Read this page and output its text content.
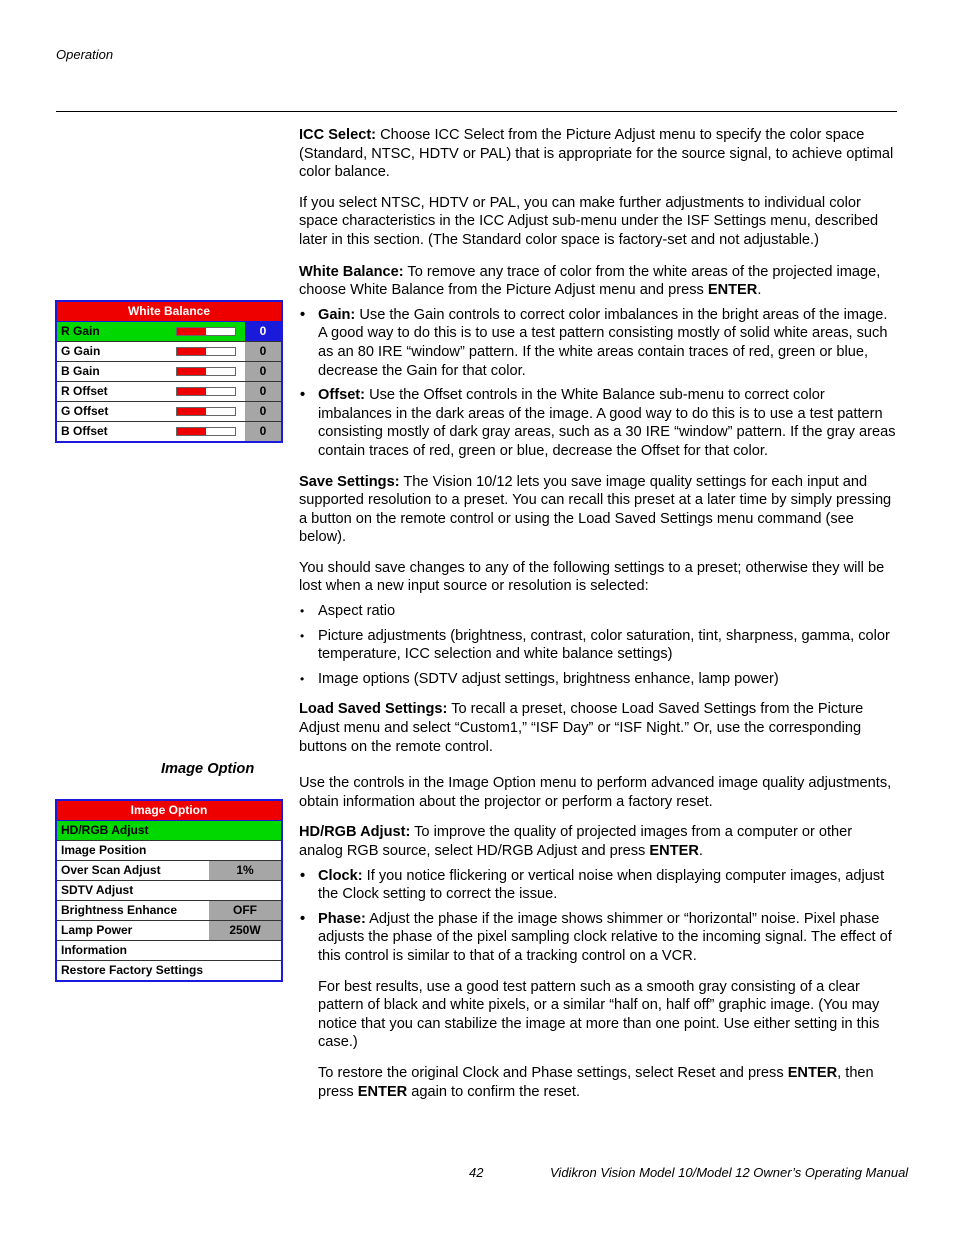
Operation
White Balance
R Gain	0
G Gain	0
B Gain	0
R Offset	0
G Offset	0
B Offset	0
Image Option
HD/RGB Adjust
Image Position
Over Scan Adjust	1%
SDTV Adjust
Brightness Enhance	OFF
Lamp Power	250W
Information
Restore Factory Settings
Image Option

ICC Select: Choose ICC Select from the Picture Adjust menu to specify the color space (Standard, NTSC, HDTV or PAL) that is appropriate for the source signal, to achieve optimal color balance.

If you select NTSC, HDTV or PAL, you can make further adjustments to individual color space characteristics in the ICC Adjust sub-menu under the ISF Settings menu, described later in this section. (The Standard color space is factory-set and not adjustable.)

White Balance: To remove any trace of color from the white areas of the projected image, choose White Balance from the Picture Adjust menu and press ENTER.

• Gain: Use the Gain controls to correct color imbalances in the bright areas of the image. A good way to do this is to use a test pattern consisting mostly of solid white areas, such as an 80 IRE “window” pattern. If the white areas contain traces of red, green or blue, decrease the Gain for that color.
• Offset: Use the Offset controls in the White Balance sub-menu to correct color imbalances in the dark areas of the image. A good way to do this is to use a test pattern consisting mostly of dark gray areas, such as a 30 IRE “window” pattern. If the gray areas contain traces of red, green or blue, decrease the Offset for that color.

Save Settings: The Vision 10/12 lets you save image quality settings for each input and supported resolution to a preset. You can recall this preset at a later time by simply pressing a button on the remote control or using the Load Saved Settings menu command (see below).

You should save changes to any of the following settings to a preset; otherwise they will be lost when a new input source or resolution is selected:

• Aspect ratio
• Picture adjustments (brightness, contrast, color saturation, tint, sharpness, gamma, color temperature, ICC selection and white balance settings)
• Image options (SDTV adjust settings, brightness enhance, lamp power)

Load Saved Settings: To recall a preset, choose Load Saved Settings from the Picture Adjust menu and select “Custom1,” “ISF Day” or “ISF Night.” Or, use the corresponding buttons on the remote control.

Use the controls in the Image Option menu to perform advanced image quality adjustments, obtain information about the projector or perform a factory reset.

HD/RGB Adjust: To improve the quality of projected images from a computer or other analog RGB source, select HD/RGB Adjust and press ENTER.

• Clock: If you notice flickering or vertical noise when displaying computer images, adjust the Clock setting to correct the issue.
• Phase: Adjust the phase if the image shows shimmer or “horizontal” noise. Pixel phase adjusts the phase of the pixel sampling clock relative to the incoming signal. The effect of this control is similar to that of a tracking control on a VCR.

For best results, use a good test pattern such as a smooth gray consisting of a clear pattern of black and white pixels, or a similar “half on, half off” graphic image. (You may notice that you can stabilize the image at more than one point. Use either setting in this case.)

To restore the original Clock and Phase settings, select Reset and press ENTER, then press ENTER again to confirm the reset.

42	Vidikron Vision Model 10/Model 12 Owner’s Operating Manual
